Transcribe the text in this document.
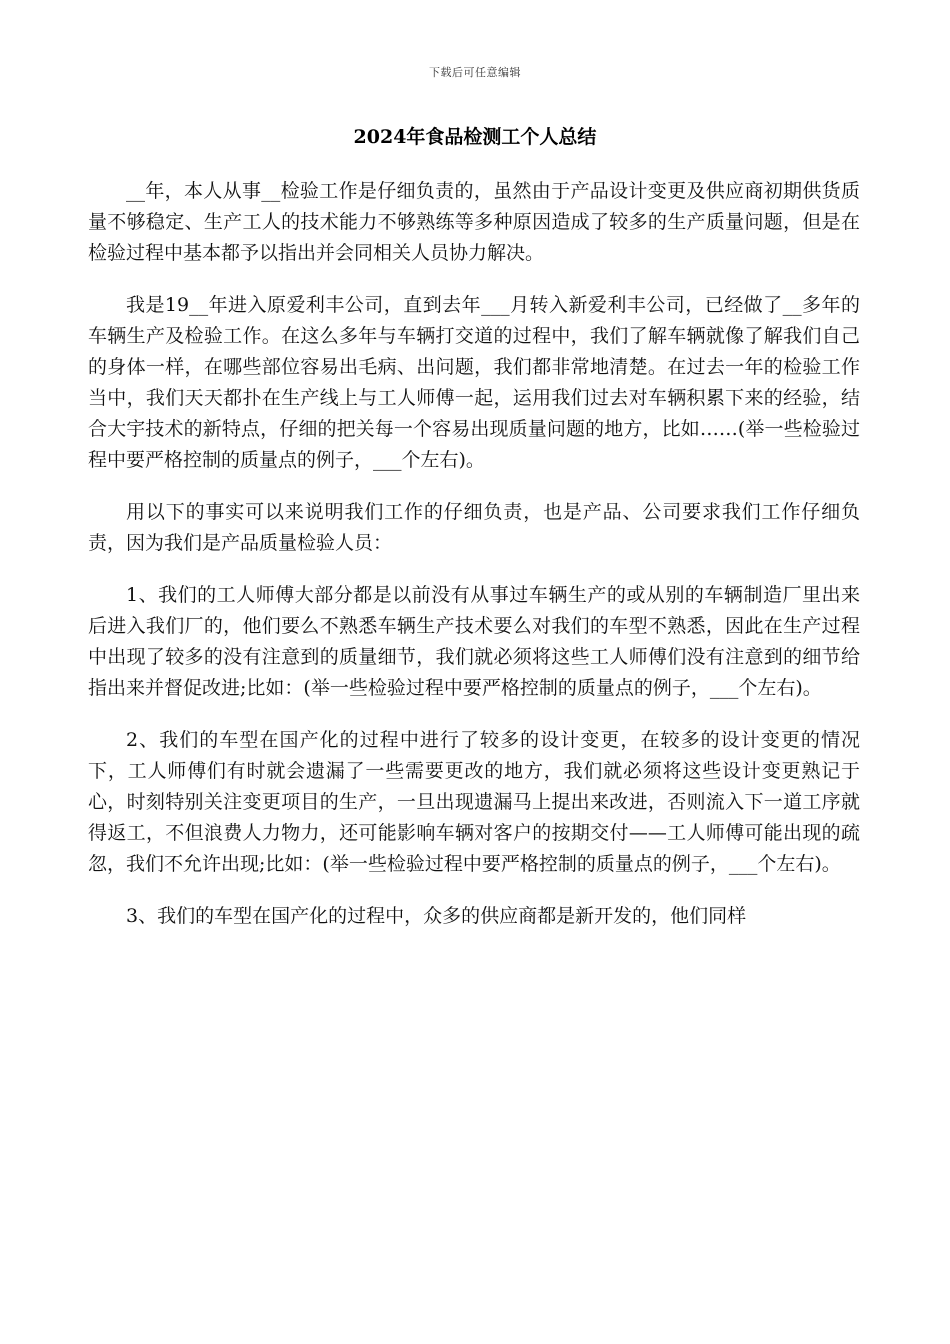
下载后可任意编辑
2024年食品检测工个人总结

__年，本人从事__检验工作是仔细负责的，虽然由于产品设计变更及供应商初期供货质量不够稳定、生产工人的技术能力不够熟练等多种原因造成了较多的生产质量问题，但是在检验过程中基本都予以指出并会同相关人员协力解决。

我是19__年进入原爱利丰公司，直到去年___月转入新爱利丰公司，已经做了__多年的车辆生产及检验工作。在这么多年与车辆打交道的过程中，我们了解车辆就像了解我们自己的身体一样，在哪些部位容易出毛病、出问题，我们都非常地清楚。在过去一年的检验工作当中，我们天天都扑在生产线上与工人师傅一起，运用我们过去对车辆积累下来的经验，结合大宇技术的新特点，仔细的把关每一个容易出现质量问题的地方，比如……(举一些检验过程中要严格控制的质量点的例子，___个左右)。

用以下的事实可以来说明我们工作的仔细负责，也是产品、公司要求我们工作仔细负责，因为我们是产品质量检验人员：

1、我们的工人师傅大部分都是以前没有从事过车辆生产的或从别的车辆制造厂里出来后进入我们厂的，他们要么不熟悉车辆生产技术要么对我们的车型不熟悉，因此在生产过程中出现了较多的没有注意到的质量细节，我们就必须将这些工人师傅们没有注意到的细节给指出来并督促改进;比如：(举一些检验过程中要严格控制的质量点的例子，___个左右)。

2、我们的车型在国产化的过程中进行了较多的设计变更，在较多的设计变更的情况下，工人师傅们有时就会遗漏了一些需要更改的地方，我们就必须将这些设计变更熟记于心，时刻特别关注变更项目的生产，一旦出现遗漏马上提出来改进，否则流入下一道工序就得返工，不但浪费人力物力，还可能影响车辆对客户的按期交付——工人师傅可能出现的疏忽，我们不允许出现;比如：(举一些检验过程中要严格控制的质量点的例子，___个左右)。

3、我们的车型在国产化的过程中，众多的供应商都是新开发的，他们同样
